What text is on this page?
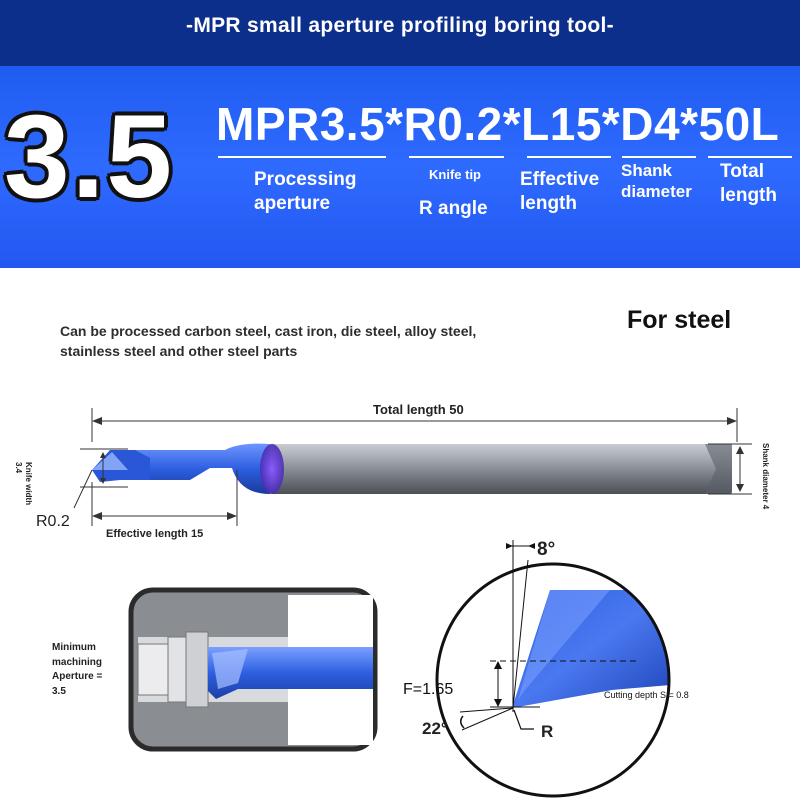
-MPR small aperture profiling boring tool-
3.5 MPR3.5*R0.2*L15*D4*50L
Processing
aperture
Knife tip
R angle
Effective
length
Shank
diameter
Total
length
Can be processed carbon steel, cast iron, die steel, alloy steel,
stainless steel and other steel parts
For steel
Total length 50
Knife width
3.4
R0.2
Effective length 15
Shank diameter 4
Minimum
machining
Aperture =
3.5
8°
F=1.65	Cutting depth S = 0.8
22°	R
